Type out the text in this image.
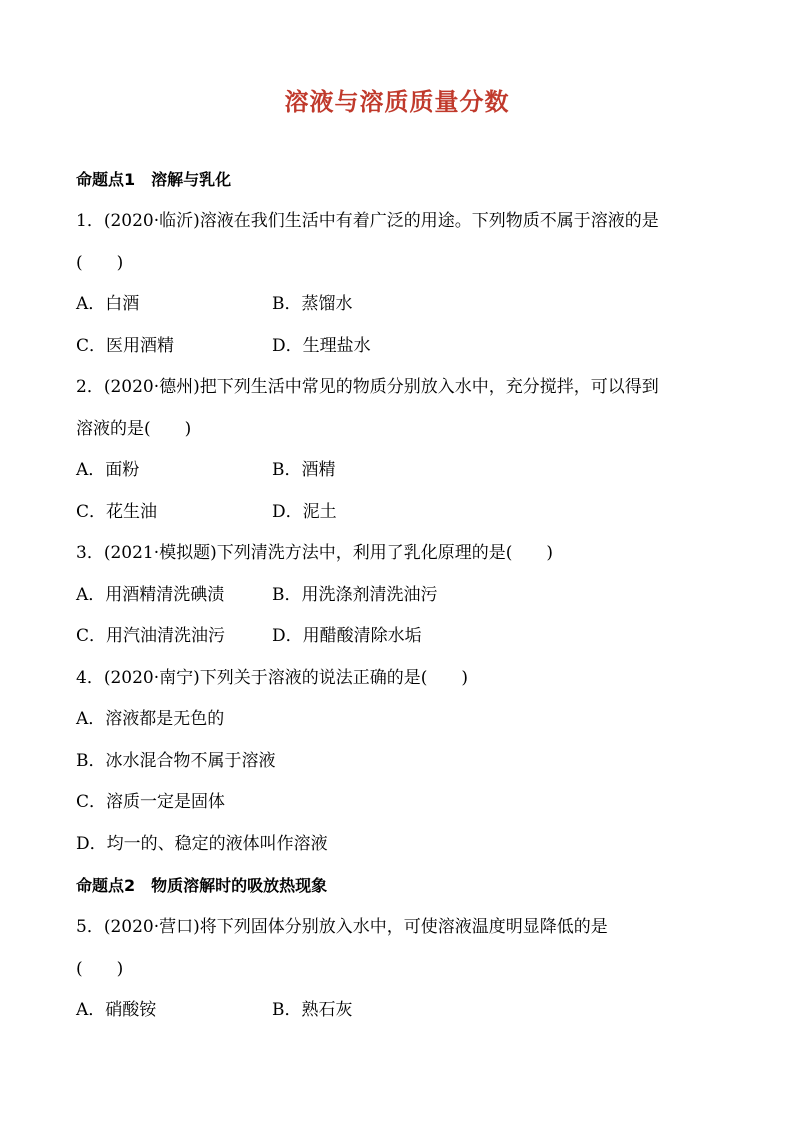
溶液与溶质质量分数
命题点1　溶解与乳化
1．(2020·临沂)溶液在我们生活中有着广泛的用途。下列物质不属于溶液的是
(　　)
A．白酒	B．蒸馏水
C．医用酒精	D．生理盐水
2．(2020·德州)把下列生活中常见的物质分别放入水中，充分搅拌，可以得到
溶液的是(　　)
A．面粉	B．酒精
C．花生油	D．泥土
3．(2021·模拟题)下列清洗方法中，利用了乳化原理的是(　　)
A．用酒精清洗碘渍	B．用洗涤剂清洗油污
C．用汽油清洗油污	D．用醋酸清除水垢
4．(2020·南宁)下列关于溶液的说法正确的是(　　)
A．溶液都是无色的
B．冰水混合物不属于溶液
C．溶质一定是固体
D．均一的、稳定的液体叫作溶液
命题点2　物质溶解时的吸放热现象
5．(2020·营口)将下列固体分别放入水中，可使溶液温度明显降低的是
(　　)
A．硝酸铵	B．熟石灰
